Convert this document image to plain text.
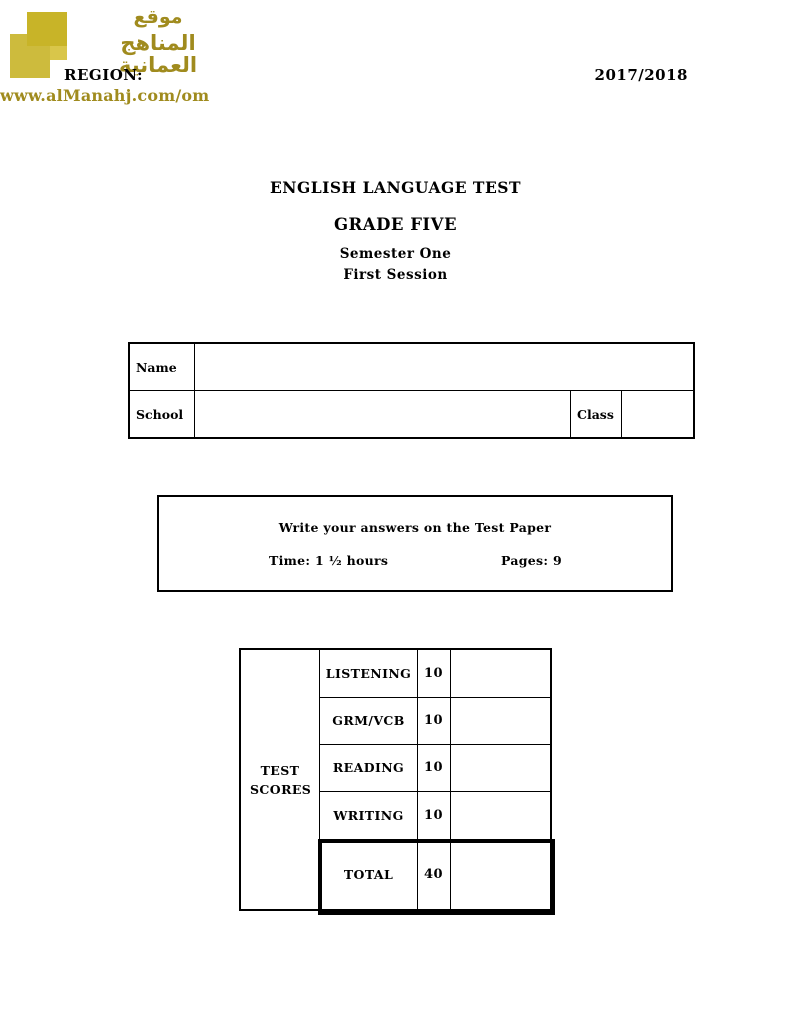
موقع
المناهج العمانية
REGION:	2017/2018
www.alManahj.com/om
ENGLISH LANGUAGE TEST
GRADE FIVE
Semester One
First Session
Name			
School		Class	
Write your answers on the Test Paper
Time: 1 ½ hours	Pages: 9
TEST SCORES	LISTENING	10	
	GRM/VCB	10	
	READING	10	
	WRITING	10	
	TOTAL	40	
